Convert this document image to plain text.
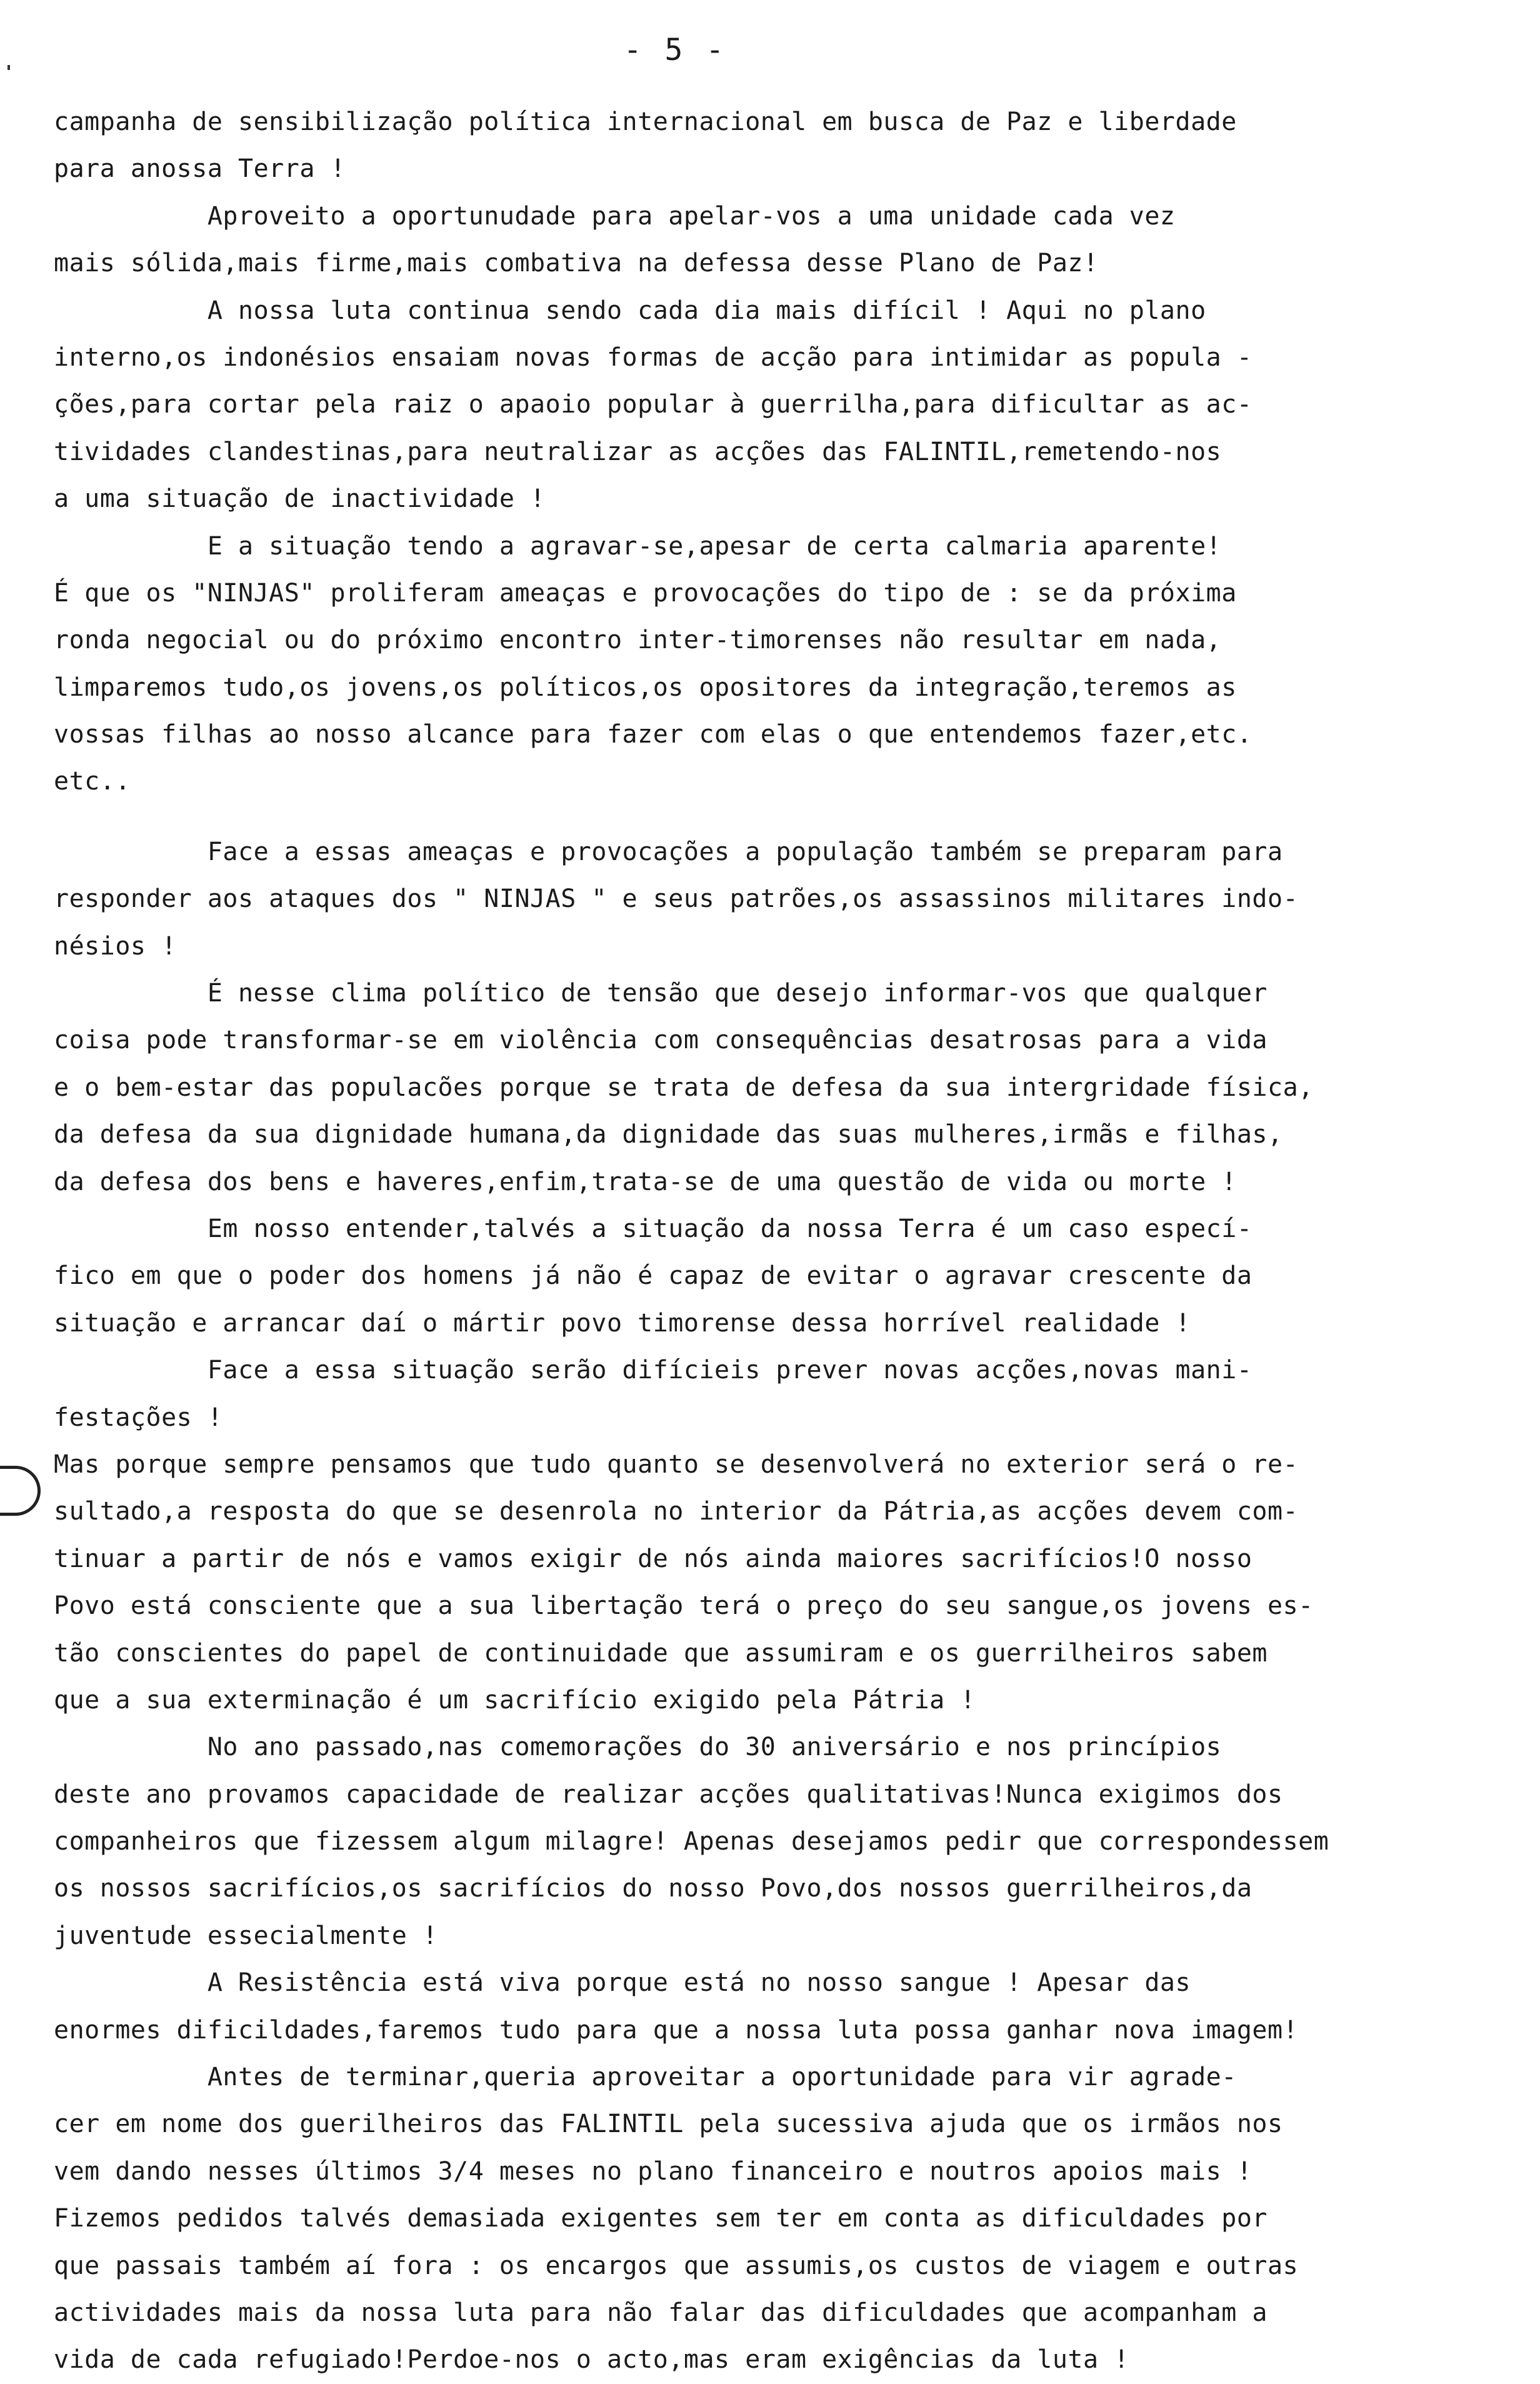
- 5 -
campanha de sensibilização política internacional em busca de Paz e liberdade
para anossa Terra !
Aproveito a oportunudade para apelar-vos a uma unidade cada vez
mais sólida,mais firme,mais combativa na defessa desse Plano de Paz!
A nossa luta continua sendo cada dia mais difícil ! Aqui no plano
interno,os indonésios ensaiam novas formas de acção para intimidar as popula -
ções,para cortar pela raiz o apaoio popular à guerrilha,para dificultar as ac-
tividades clandestinas,para neutralizar as acções das FALINTIL,remetendo-nos
a uma situação de inactividade !
E a situação tendo a agravar-se,apesar de certa calmaria aparente!
É que os "NINJAS" proliferam ameaças e provocações do tipo de : se da próxima
ronda negocial ou do próximo encontro inter-timorenses não resultar em nada,
limparemos tudo,os jovens,os políticos,os opositores da integração,teremos as
vossas filhas ao nosso alcance para fazer com elas o que entendemos fazer,etc.
etc..
Face a essas ameaças e provocações a população também se preparam para
responder aos ataques dos " NINJAS " e seus patrões,os assassinos militares indo-
nésios !
É nesse clima político de tensão que desejo informar-vos que qualquer
coisa pode transformar-se em violência com consequências desatrosas para a vida
e o bem-estar das populacões porque se trata de defesa da sua intergridade física,
da defesa da sua dignidade humana,da dignidade das suas mulheres,irmãs e filhas,
da defesa dos bens e haveres,enfim,trata-se de uma questão de vida ou morte !
Em nosso entender,talvés a situação da nossa Terra é um caso especí-
fico em que o poder dos homens já não é capaz de evitar o agravar crescente da
situação e arrancar daí o mártir povo timorense dessa horrível realidade !
Face a essa situação serão difícieis prever novas acções,novas mani-
festações !
Mas porque sempre pensamos que tudo quanto se desenvolverá no exterior será o re-
sultado,a resposta do que se desenrola no interior da Pátria,as acções devem com-
tinuar a partir de nós e vamos exigir de nós ainda maiores sacrifícios!O nosso
Povo está consciente que a sua libertação terá o preço do seu sangue,os jovens es-
tão conscientes do papel de continuidade que assumiram e os guerrilheiros sabem
que a sua exterminação é um sacrifício exigido pela Pátria !
No ano passado,nas comemorações do 30 aniversário e nos princípios
deste ano provamos capacidade de realizar acções qualitativas!Nunca exigimos dos
companheiros que fizessem algum milagre! Apenas desejamos pedir que correspondessem
os nossos sacrifícios,os sacrifícios do nosso Povo,dos nossos guerrilheiros,da
juventude essecialmente !
A Resistência está viva porque está no nosso sangue ! Apesar das
enormes dificildades,faremos tudo para que a nossa luta possa ganhar nova imagem!
Antes de terminar,queria aproveitar a oportunidade para vir agrade-
cer em nome dos guerilheiros das FALINTIL pela sucessiva ajuda que os irmãos nos
vem dando nesses últimos 3/4 meses no plano financeiro e noutros apoios mais !
Fizemos pedidos talvés demasiada exigentes sem ter em conta as dificuldades por
que passais também aí fora : os encargos que assumis,os custos de viagem e outras
actividades mais da nossa luta para não falar das dificuldades que acompanham a
vida de cada refugiado!Perdoe-nos o acto,mas eram exigências da luta !
